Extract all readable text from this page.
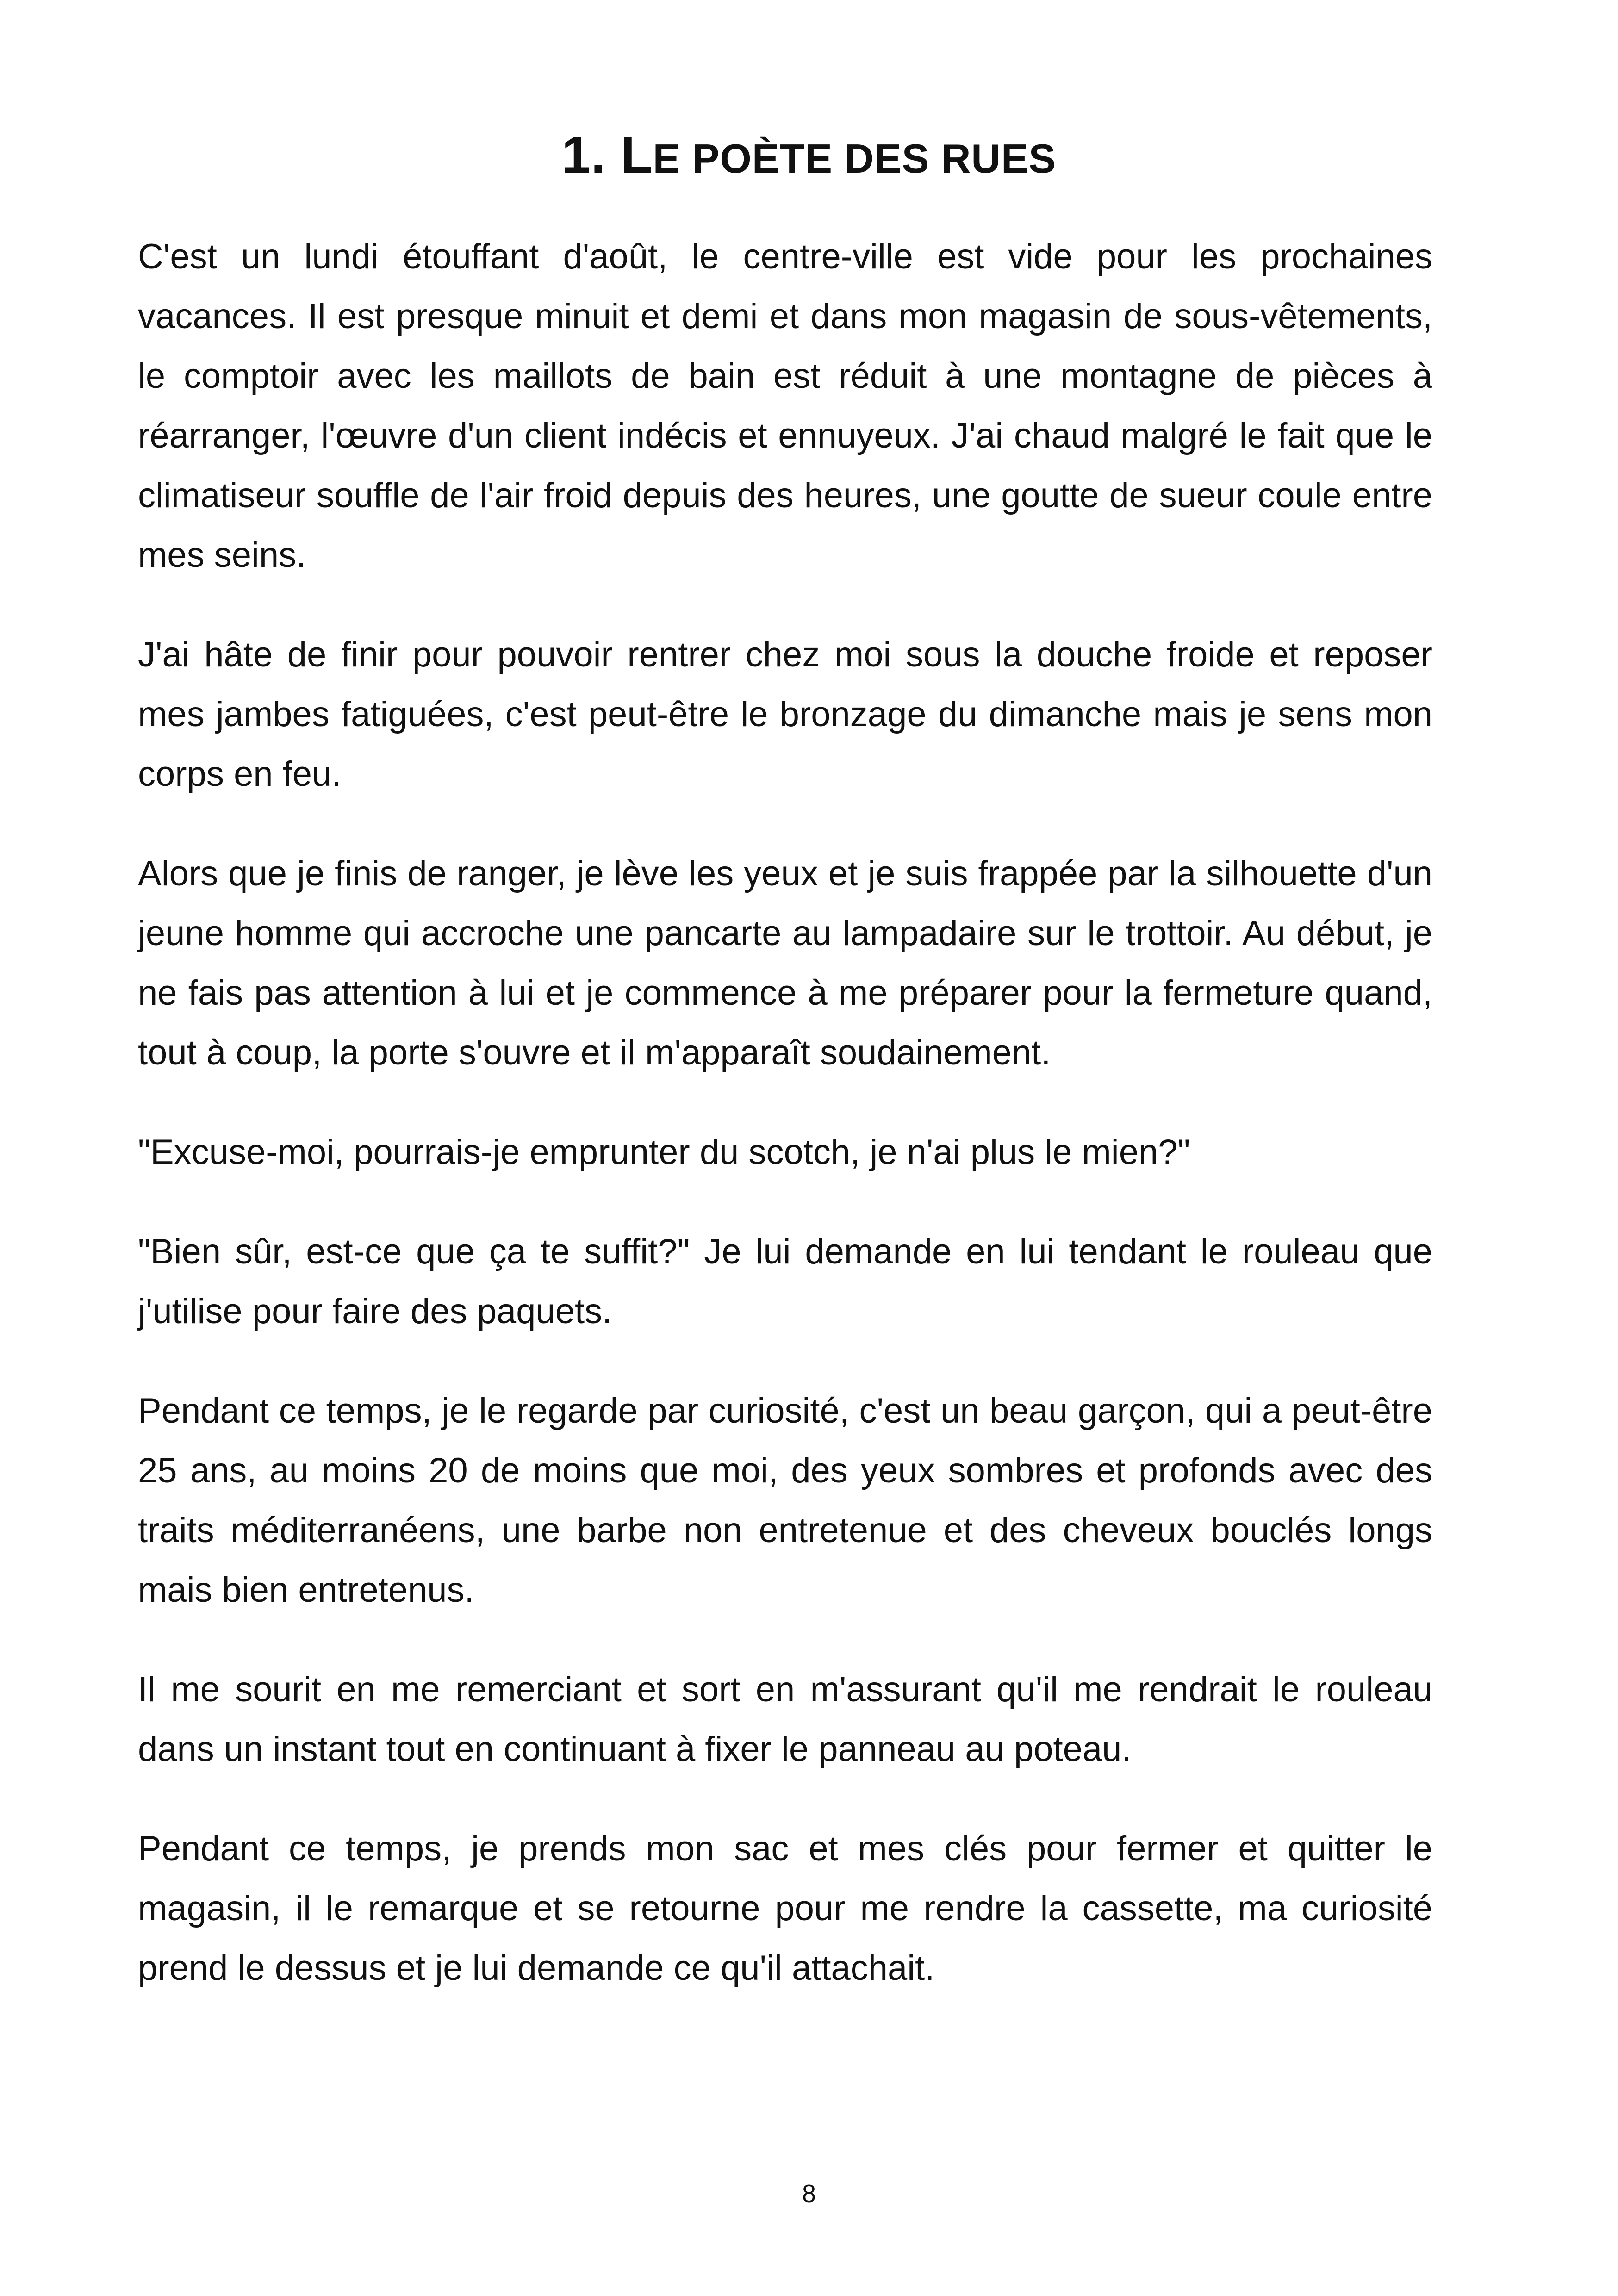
1. LE POÈTE DES RUES

C'est un lundi étouffant d'août, le centre-ville est vide pour les prochaines vacances. Il est presque minuit et demi et dans mon magasin de sous-vêtements, le comptoir avec les maillots de bain est réduit à une montagne de pièces à réarranger, l'œuvre d'un client indécis et ennuyeux. J'ai chaud malgré le fait que le climatiseur souffle de l'air froid depuis des heures, une goutte de sueur coule entre mes seins.

J'ai hâte de finir pour pouvoir rentrer chez moi sous la douche froide et reposer mes jambes fatiguées, c'est peut-être le bronzage du dimanche mais je sens mon corps en feu.

Alors que je finis de ranger, je lève les yeux et je suis frappée par la silhouette d'un jeune homme qui accroche une pancarte au lampadaire sur le trottoir. Au début, je ne fais pas attention à lui et je commence à me préparer pour la fermeture quand, tout à coup, la porte s'ouvre et il m'apparaît soudainement.

"Excuse-moi, pourrais-je emprunter du scotch, je n'ai plus le mien?"

"Bien sûr, est-ce que ça te suffit?" Je lui demande en lui tendant le rouleau que j'utilise pour faire des paquets.

Pendant ce temps, je le regarde par curiosité, c'est un beau garçon, qui a peut-être 25 ans, au moins 20 de moins que moi, des yeux sombres et profonds avec des traits méditerranéens, une barbe non entretenue et des cheveux bouclés longs mais bien entretenus.

Il me sourit en me remerciant et sort en m'assurant qu'il me rendrait le rouleau dans un instant tout en continuant à fixer le panneau au poteau.

Pendant ce temps, je prends mon sac et mes clés pour fermer et quitter le magasin, il le remarque et se retourne pour me rendre la cassette, ma curiosité prend le dessus et je lui demande ce qu'il attachait.

8
